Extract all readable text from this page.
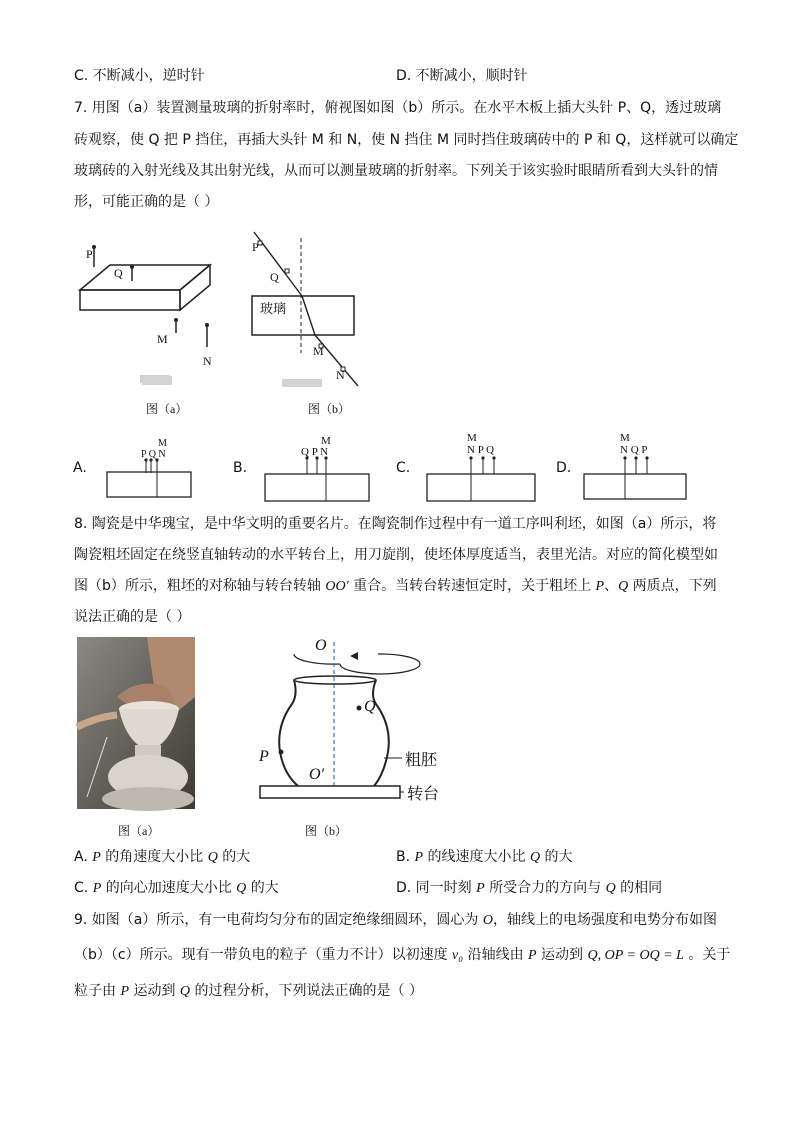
C. 不断减小，逆时针	D. 不断减小，顺时针
7. 用图（a）装置测量玻璃的折射率时，俯视图如图（b）所示。在水平木板上插大头针 P、Q，透过玻璃
砖观察，使 Q 把 P 挡住，再插大头针 M 和 N，使 N 挡住 M 同时挡住玻璃砖中的 P 和 Q，这样就可以确定
玻璃砖的入射光线及其出射光线，从而可以测量玻璃的折射率。下列关于该实验时眼睛所看到大头针的情
形，可能正确的是（ ）
P
Q
M
N
图（a）
P
Q
玻璃
M
N
图（b）
A.
M
P Q N
B.
M
Q P N
C.
M
N P Q
D.
M
N Q P
8. 陶瓷是中华瑰宝，是中华文明的重要名片。在陶瓷制作过程中有一道工序叫利坯，如图（a）所示，将
陶瓷粗坯固定在绕竖直轴转动的水平转台上，用刀旋削，使坯体厚度适当，表里光洁。对应的简化模型如
图（b）所示，粗坯的对称轴与转台转轴 OO′ 重合。当转台转速恒定时，关于粗坯上 P、Q 两质点，下列
说法正确的是（ ）
图（a）
O
Q
P
O′
粗胚
转台
图（b）
A. P 的角速度大小比 Q 的大	B. P 的线速度大小比 Q 的大
C. P 的向心加速度大小比 Q 的大	D. 同一时刻 P 所受合力的方向与 Q 的相同
9. 如图（a）所示，有一电荷均匀分布的固定绝缘细圆环，圆心为 O，轴线上的电场强度和电势分布如图
（b）（c）所示。现有一带负电的粒子（重力不计）以初速度 v₀ 沿轴线由 P 运动到 Q, OP = OQ = L 。关于
粒子由 P 运动到 Q 的过程分析，下列说法正确的是（ ）
